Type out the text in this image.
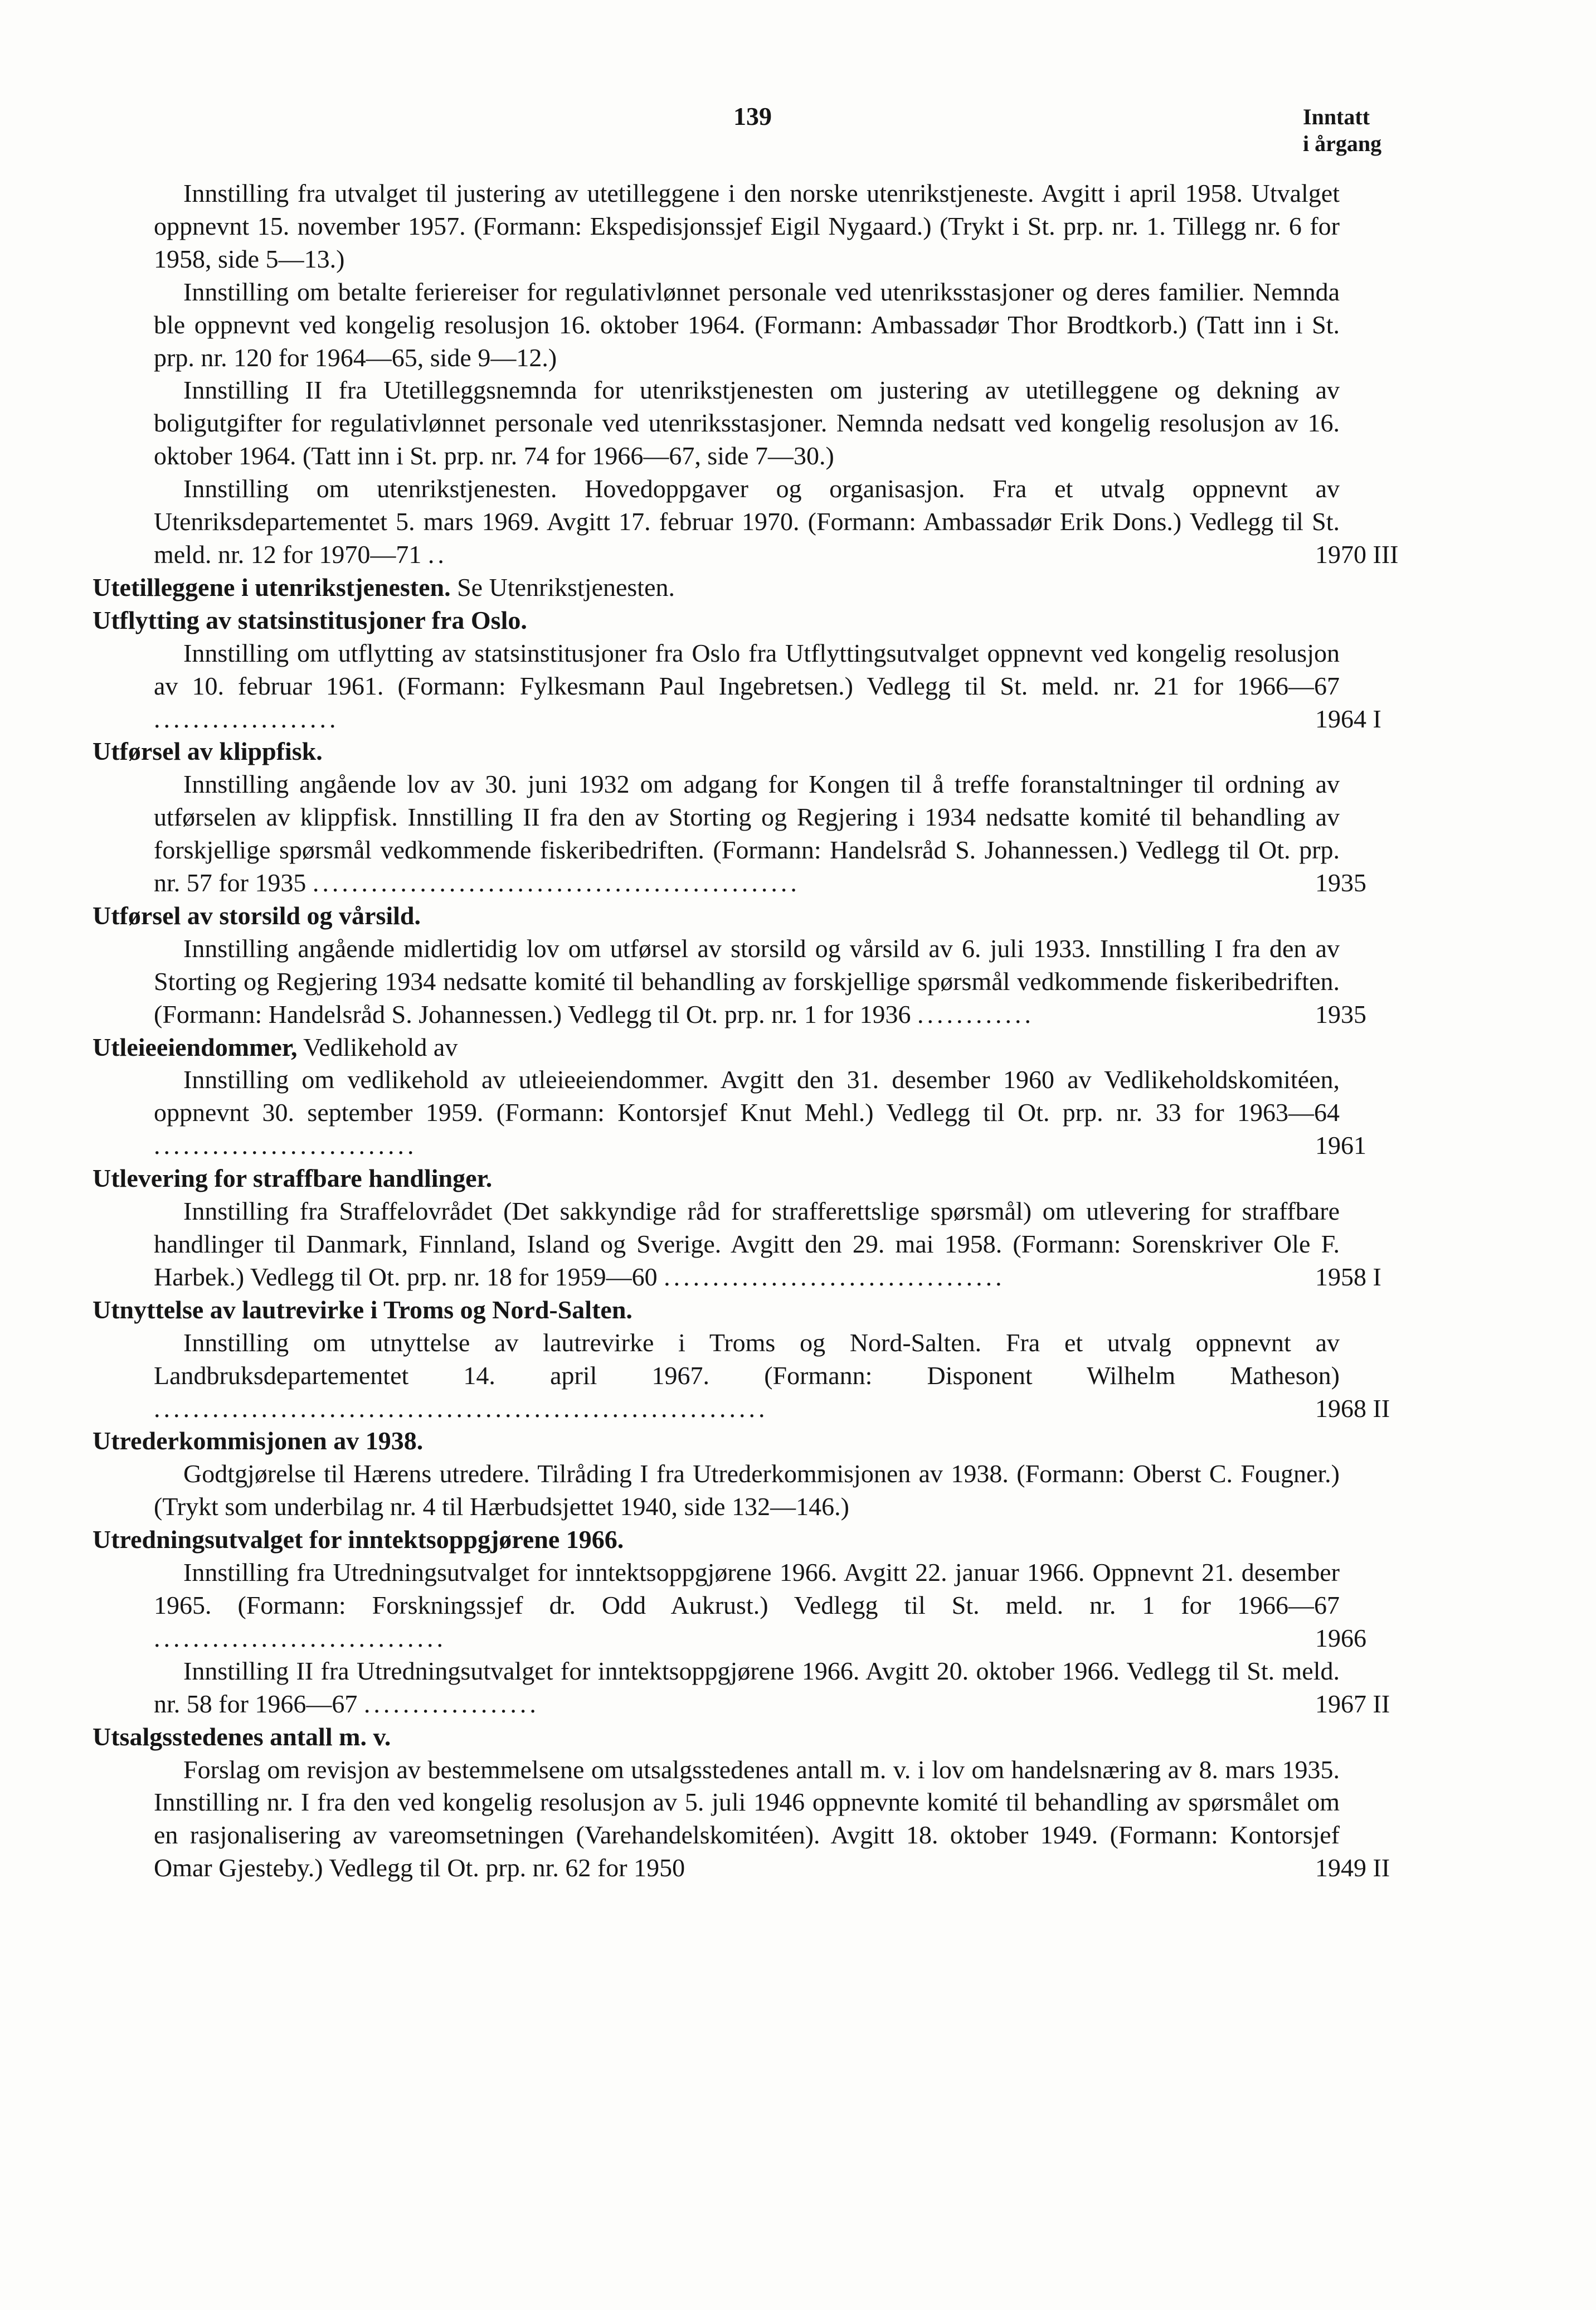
139	Inntatt
i årgang

Innstilling fra utvalget til justering av utetilleggene i den norske utenrikstjeneste. Avgitt i april 1958. Utvalget oppnevnt 15. november 1957. (Formann: Ekspedisjonssjef Eigil Nygaard.) (Trykt i St. prp. nr. 1. Tillegg nr. 6 for 1958, side 5—13.)

Innstilling om betalte feriereiser for regulativlønnet personale ved utenriksstasjoner og deres familier. Nemnda ble oppnevnt ved kongelig resolusjon 16. oktober 1964. (Formann: Ambassadør Thor Brodtkorb.) (Tatt inn i St. prp. nr. 120 for 1964—65, side 9—12.)

Innstilling II fra Utetilleggsnemnda for utenrikstjenesten om justering av utetilleggene og dekning av boligutgifter for regulativlønnet personale ved utenriksstasjoner. Nemnda nedsatt ved kongelig resolusjon av 16. oktober 1964. (Tatt inn i St. prp. nr. 74 for 1966—67, side 7—30.)

Innstilling om utenrikstjenesten. Hovedoppgaver og organisasjon. Fra et utvalg oppnevnt av Utenriksdepartementet 5. mars 1969. Avgitt 17. februar 1970. (Formann: Ambassadør Erik Dons.) Vedlegg til St. meld. nr. 12 for 1970—71 ..	1970 III

Utetilleggene i utenrikstjenesten. Se Utenrikstjenesten.

Utflytting av statsinstitusjoner fra Oslo.

Innstilling om utflytting av statsinstitusjoner fra Oslo fra Utflyttingsutvalget oppnevnt ved kongelig resolusjon av 10. februar 1961. (Formann: Fylkesmann Paul Ingebretsen.) Vedlegg til St. meld. nr. 21 for 1966—67 ...................	1964 I

Utførsel av klippfisk.

Innstilling angående lov av 30. juni 1932 om adgang for Kongen til å treffe foranstaltninger til ordning av utførselen av klippfisk. Innstilling II fra den av Storting og Regjering i 1934 nedsatte komité til behandling av forskjellige spørsmål vedkommende fiskeribedriften. (Formann: Handelsråd S. Johannessen.) Vedlegg til Ot. prp. nr. 57 for 1935 ..................................................	1935

Utførsel av storsild og vårsild.

Innstilling angående midlertidig lov om utførsel av storsild og vårsild av 6. juli 1933. Innstilling I fra den av Storting og Regjering 1934 nedsatte komité til behandling av forskjellige spørsmål vedkommende fiskeribedriften. (Formann: Handelsråd S. Johannessen.) Vedlegg til Ot. prp. nr. 1 for 1936 ............	1935

Utleieeiendommer, Vedlikehold av

Innstilling om vedlikehold av utleieeiendommer. Avgitt den 31. desember 1960 av Vedlikeholdskomitéen, oppnevnt 30. september 1959. (Formann: Kontorsjef Knut Mehl.) Vedlegg til Ot. prp. nr. 33 for 1963—64 ...........................	1961

Utlevering for straffbare handlinger.

Innstilling fra Straffelovrådet (Det sakkyndige råd for strafferettslige spørsmål) om utlevering for straffbare handlinger til Danmark, Finnland, Island og Sverige. Avgitt den 29. mai 1958. (Formann: Sorenskriver Ole F. Harbek.) Vedlegg til Ot. prp. nr. 18 for 1959—60 ...................................	1958 I

Utnyttelse av lautrevirke i Troms og Nord-Salten.

Innstilling om utnyttelse av lautrevirke i Troms og Nord-Salten. Fra et utvalg oppnevnt av Landbruksdepartementet 14. april 1967. (Formann: Disponent Wilhelm Matheson) ...............................................................	1968 II

Utrederkommisjonen av 1938.

Godtgjørelse til Hærens utredere. Tilråding I fra Utrederkommisjonen av 1938. (Formann: Oberst C. Fougner.) (Trykt som underbilag nr. 4 til Hærbudsjettet 1940, side 132—146.)

Utredningsutvalget for inntektsoppgjørene 1966.

Innstilling fra Utredningsutvalget for inntektsoppgjørene 1966. Avgitt 22. januar 1966. Oppnevnt 21. desember 1965. (Formann: Forskningssjef dr. Odd Aukrust.) Vedlegg til St. meld. nr. 1 for 1966—67 ..............................	1966

Innstilling II fra Utredningsutvalget for inntektsoppgjørene 1966. Avgitt 20. oktober 1966. Vedlegg til St. meld. nr. 58 for 1966—67 ..................	1967 II

Utsalgsstedenes antall m. v.

Forslag om revisjon av bestemmelsene om utsalgsstedenes antall m. v. i lov om handelsnæring av 8. mars 1935. Innstilling nr. I fra den ved kongelig resolusjon av 5. juli 1946 oppnevnte komité til behandling av spørsmålet om en rasjonalisering av vareomsetningen (Varehandelskomitéen). Avgitt 18. oktober 1949. (Formann: Kontorsjef Omar Gjesteby.) Vedlegg til Ot. prp. nr. 62 for 1950	1949 II
